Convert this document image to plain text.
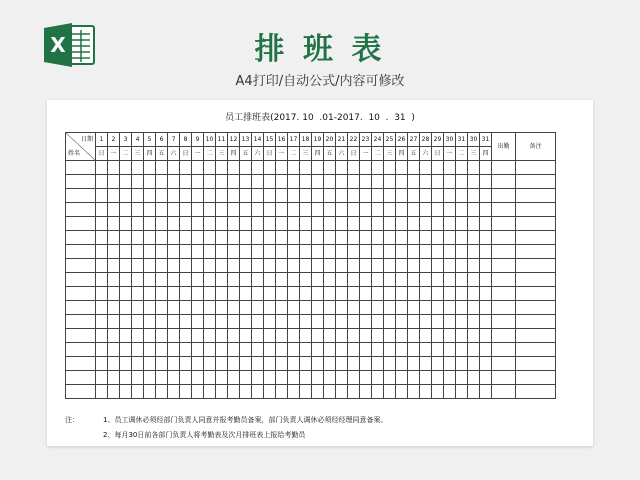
X	排 班 表
A4打印/自动公式/内容可修改
员工排班表(2017. 10  .01-2017.  10  .  31  )
日期
姓名	1	2	3	4	5	6	7	8	9	10	11	12	13	14	15	16	17	18	19	20	21	22	23	24	25	26	27	28	29	30	31	30	31	出勤	备注
	日	一	二	三	四	五	六	日	一	二	三	四	五	六	日	一	二	三	四	五	六	日	一	二	三	四	五	六	日	一	二	三	四		

注：	1、员工调休必须经部门负责人同意并报考勤员备案，部门负责人调休必须经经理同意备案。
2、每月30日前各部门负责人将考勤表及次月排班表上报给考勤员
